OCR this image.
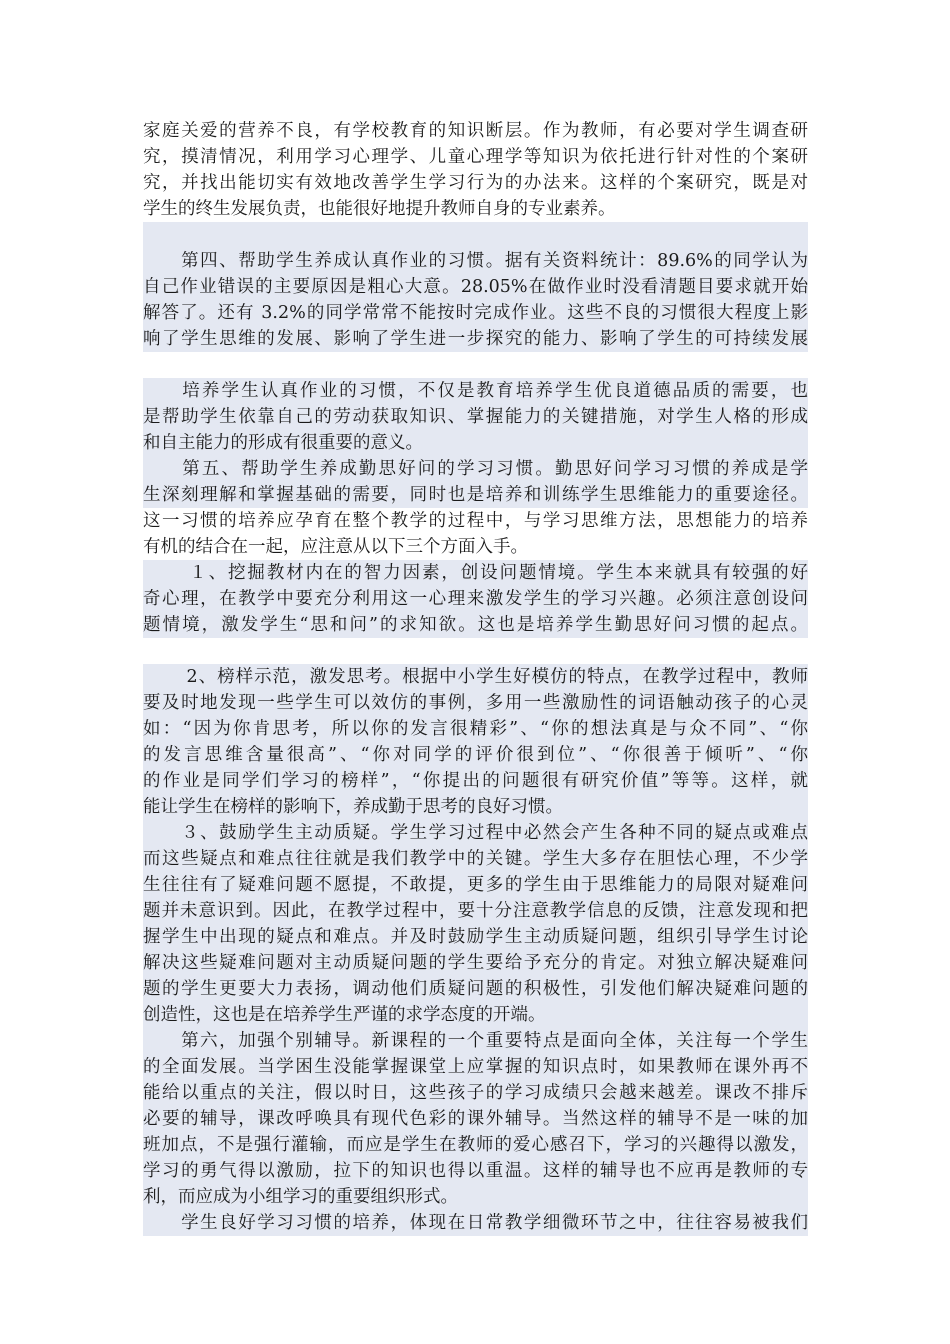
家庭关爱的营养不良，有学校教育的知识断层。作为教师，有必要对学生调查研
究，摸清情况，利用学习心理学、儿童心理学等知识为依托进行针对性的个案研
究，并找出能切实有效地改善学生学习行为的办法来。这样的个案研究，既是对
学生的终生发展负责，也能很好地提升教师自身的专业素养。
　　第四、帮助学生养成认真作业的习惯。据有关资料统计：89.6%的同学认为
自己作业错误的主要原因是粗心大意。28.05%在做作业时没看清题目要求就开始
解答了。还有 3.2%的同学常常不能按时完成作业。这些不良的习惯很大程度上影
响了学生思维的发展、影响了学生进一步探究的能力、影响了学生的可持续发展
　　培养学生认真作业的习惯，不仅是教育培养学生优良道德品质的需要，也
是帮助学生依靠自己的劳动获取知识、掌握能力的关键措施，对学生人格的形成
和自主能力的形成有很重要的意义。
　　第五、帮助学生养成勤思好问的学习习惯。勤思好问学习习惯的养成是学
生深刻理解和掌握基础的需要，同时也是培养和训练学生思维能力的重要途径。
这一习惯的培养应孕育在整个教学的过程中，与学习思维方法，思想能力的培养
有机的结合在一起，应注意从以下三个方面入手。
　　 １、挖掘教材内在的智力因素，创设问题情境。学生本来就具有较强的好
奇心理，在教学中要充分利用这一心理来激发学生的学习兴趣。必须注意创设问
题情境，激发学生“思和问”的求知欲。这也是培养学生勤思好问习惯的起点。
　　 2、榜样示范，激发思考。根据中小学生好模仿的特点，在教学过程中，教师
要及时地发现一些学生可以效仿的事例，多用一些激励性的词语触动孩子的心灵
如：“因为你肯思考，所以你的发言很精彩”、“你的想法真是与众不同”、“你
的发言思维含量很高”、“你对同学的评价很到位”、“你很善于倾听”、“你
的作业是同学们学习的榜样”，“你提出的问题很有研究价值”等等。这样，就
能让学生在榜样的影响下，养成勤于思考的良好习惯。
　　３、鼓励学生主动质疑。学生学习过程中必然会产生各种不同的疑点或难点
而这些疑点和难点往往就是我们教学中的关键。学生大多存在胆怯心理，不少学
生往往有了疑难问题不愿提，不敢提，更多的学生由于思维能力的局限对疑难问
题并未意识到。因此，在教学过程中，要十分注意教学信息的反馈，注意发现和把
握学生中出现的疑点和难点。并及时鼓励学生主动质疑问题，组织引导学生讨论
解决这些疑难问题对主动质疑问题的学生要给予充分的肯定。对独立解决疑难问
题的学生更要大力表扬，调动他们质疑问题的积极性，引发他们解决疑难问题的
创造性，这也是在培养学生严谨的求学态度的开端。
　　第六，加强个别辅导。新课程的一个重要特点是面向全体，关注每一个学生
的全面发展。当学困生没能掌握课堂上应掌握的知识点时，如果教师在课外再不
能给以重点的关注，假以时日，这些孩子的学习成绩只会越来越差。课改不排斥
必要的辅导，课改呼唤具有现代色彩的课外辅导。当然这样的辅导不是一味的加
班加点，不是强行灌输，而应是学生在教师的爱心感召下，学习的兴趣得以激发，
学习的勇气得以激励，拉下的知识也得以重温。这样的辅导也不应再是教师的专
利，而应成为小组学习的重要组织形式。
　　学生良好学习习惯的培养，体现在日常教学细微环节之中，往往容易被我们
